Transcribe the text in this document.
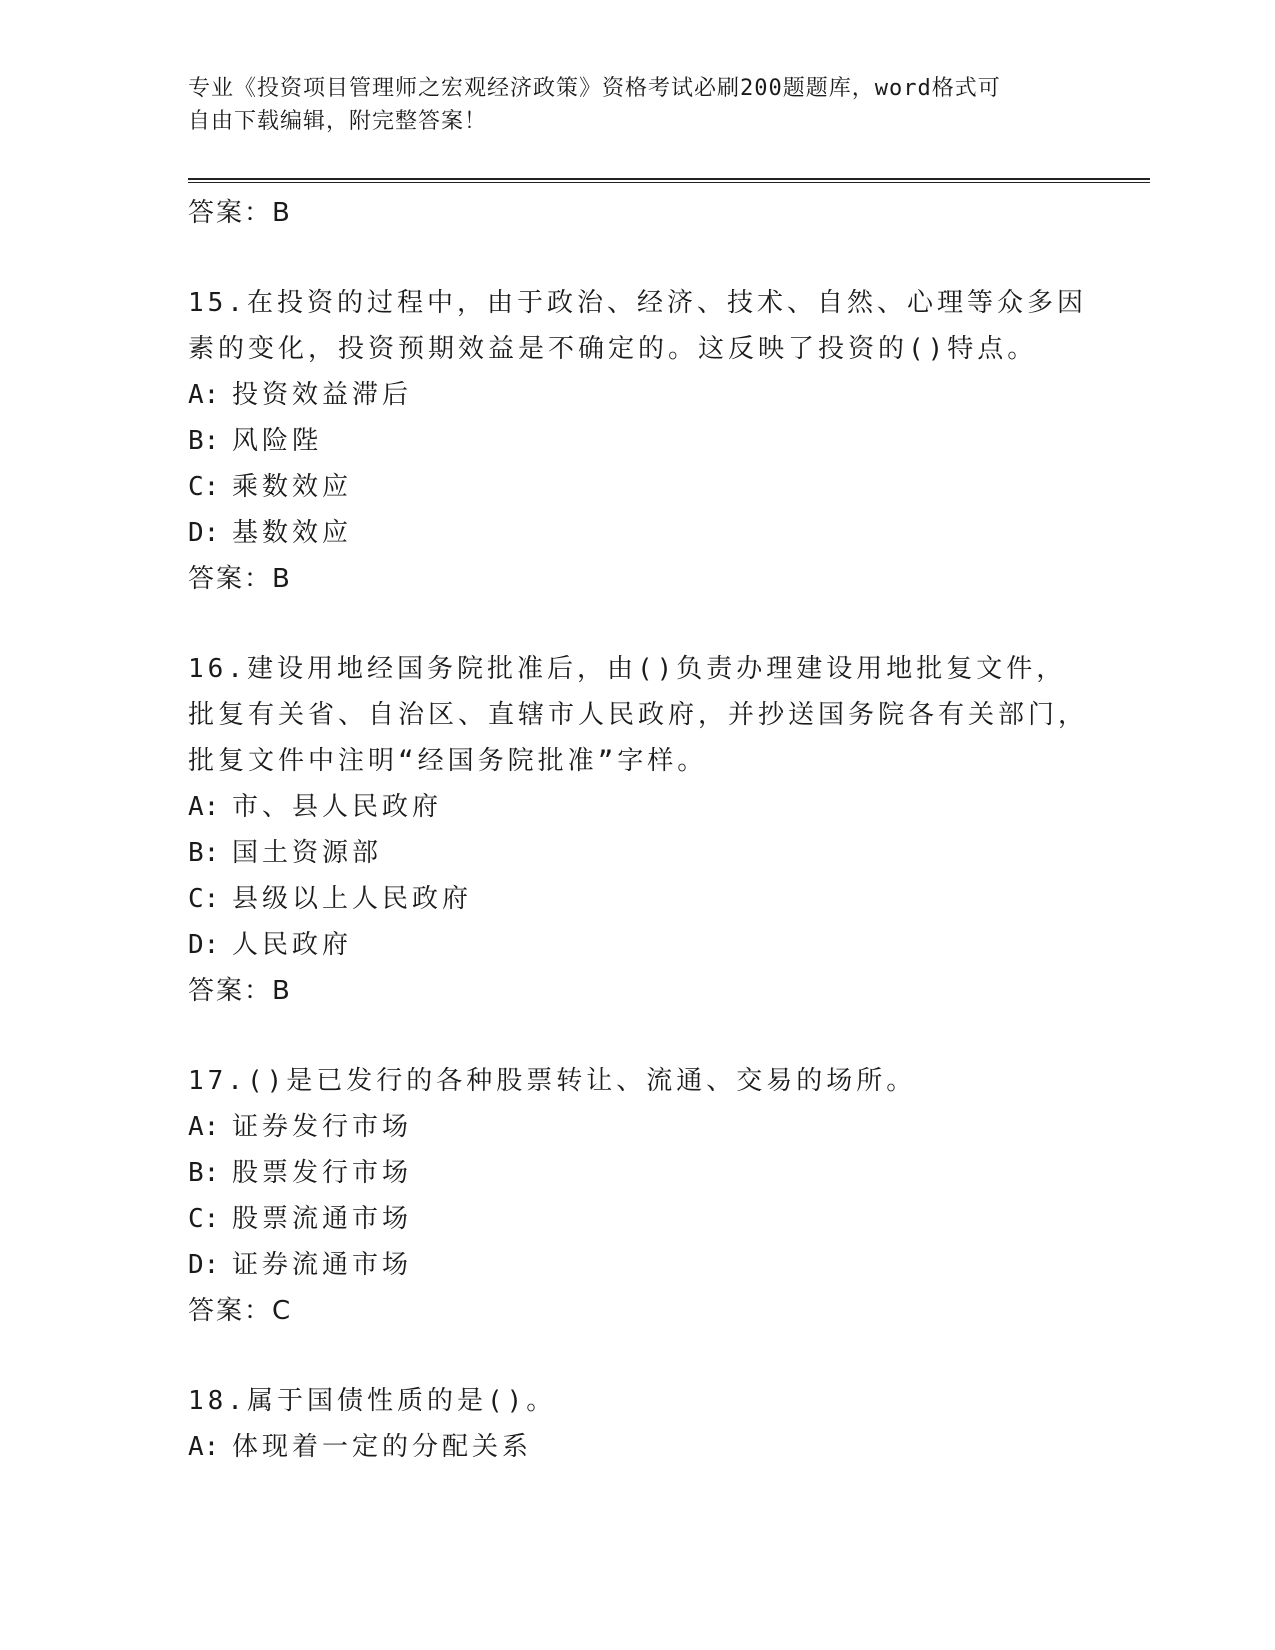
专业《投资项目管理师之宏观经济政策》资格考试必刷200题题库，word格式可
自由下载编辑，附完整答案！
答案：B
15.在投资的过程中，由于政治、经济、技术、自然、心理等众多因素的变化，投资预期效益是不确定的。这反映了投资的()特点。
A: 投资效益滞后
B: 风险陛
C: 乘数效应
D: 基数效应
答案：B
16.建设用地经国务院批准后，由()负责办理建设用地批复文件，批复有关省、自治区、直辖市人民政府，并抄送国务院各有关部门，批复文件中注明“经国务院批准”字样。
A: 市、县人民政府
B: 国土资源部
C: 县级以上人民政府
D: 人民政府
答案：B
17.()是已发行的各种股票转让、流通、交易的场所。
A: 证券发行市场
B: 股票发行市场
C: 股票流通市场
D: 证券流通市场
答案：C
18.属于国债性质的是()。
A: 体现着一定的分配关系
